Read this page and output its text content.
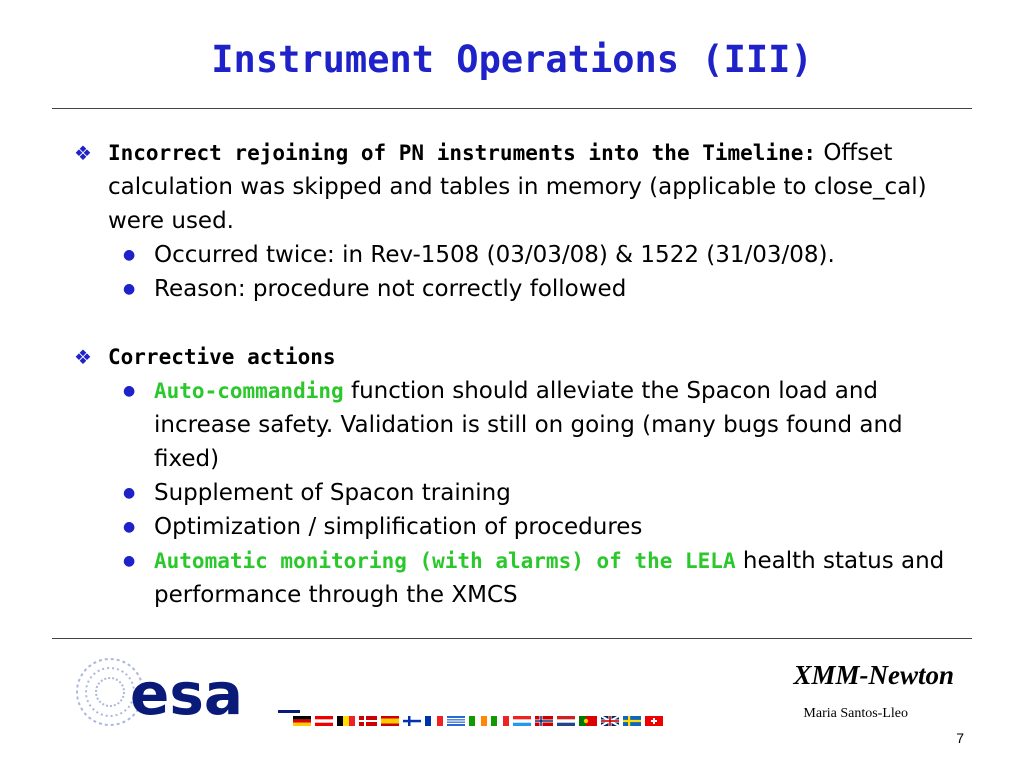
Instrument Operations (III)
❖ Incorrect rejoining of PN instruments into the Timeline: Offset calculation was skipped and tables in memory (applicable to close_cal) were used.
● Occurred twice: in Rev-1508 (03/03/08) & 1522 (31/03/08).
● Reason: procedure not correctly followed
❖ Corrective actions
● Auto-commanding function should alleviate the Spacon load and increase safety. Validation is still on going (many bugs found and fixed)
● Supplement of Spacon training
● Optimization / simplification of procedures
● Automatic monitoring (with alarms) of the LELA health status and performance through the XMCS
esa	XMM-Newton
Maria Santos-Lleo
7
